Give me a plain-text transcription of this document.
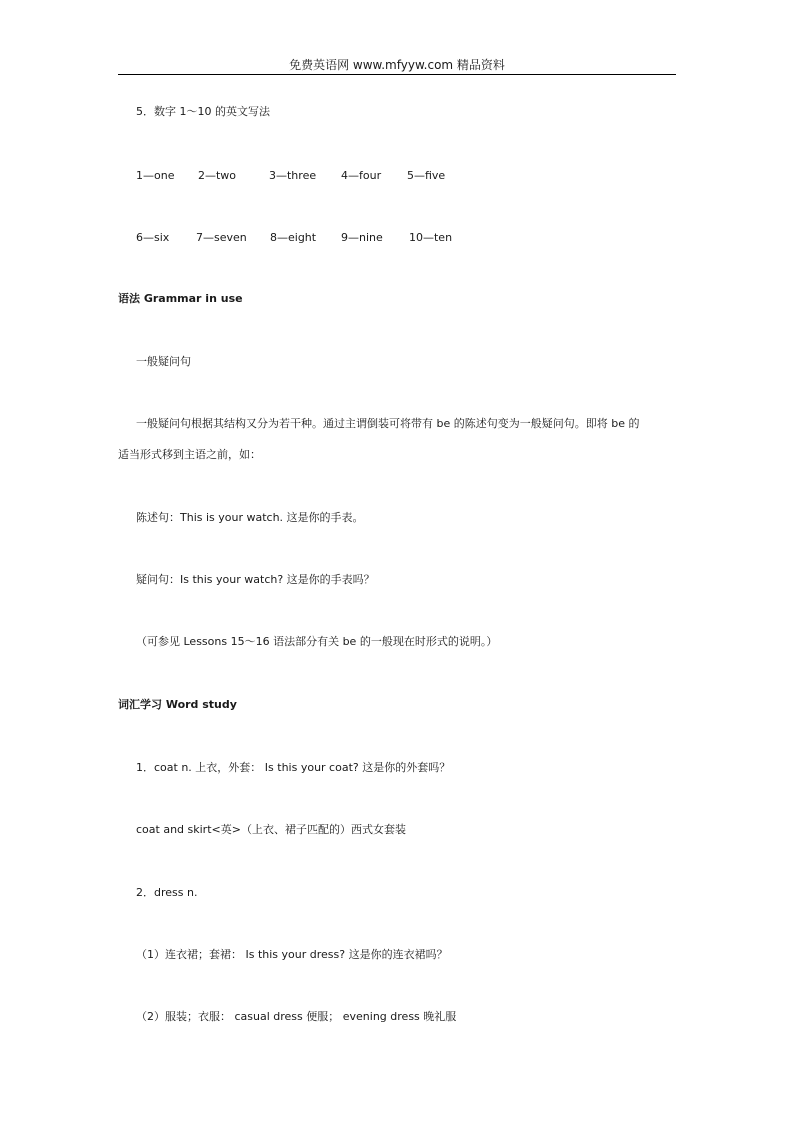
免费英语网 www.mfyyw.com 精品资料
5．数字 1～10 的英文写法
1—one 2—two	3—three 4—four 5—five
6—six 7—seven 8—eight 9—nine 10—ten
语法 Grammar in use
一般疑问句
一般疑问句根据其结构又分为若干种。通过主谓倒装可将带有 be 的陈述句变为一般疑问句。即将 be 的
适当形式移到主语之前，如：
陈述句：This is your watch. 这是你的手表。
疑问句：Is this your watch? 这是你的手表吗？
（可参见 Lessons 15～16 语法部分有关 be 的一般现在时形式的说明。）
词汇学习 Word study
1．coat n. 上衣，外套： Is this your coat? 这是你的外套吗？
coat and skirt<英>（上衣、裙子匹配的）西式女套装
2．dress n.
（1）连衣裙；套裙： Is this your dress? 这是你的连衣裙吗？
（2）服装；衣服： casual dress 便服； evening dress 晚礼服
